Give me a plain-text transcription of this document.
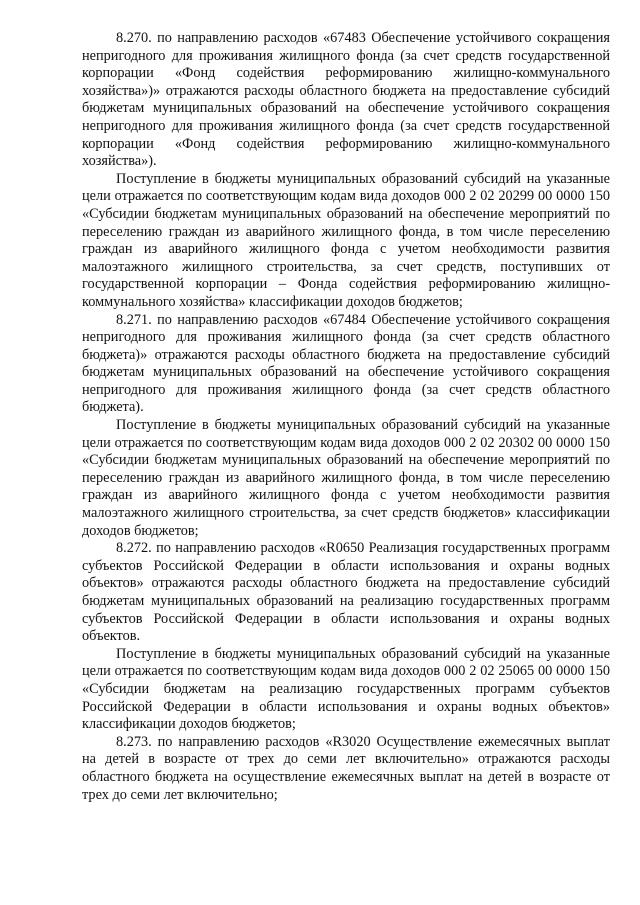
8.270. по направлению расходов «67483 Обеспечение устойчивого сокращения непригодного для проживания жилищного фонда (за счет средств государственной корпорации «Фонд содействия реформированию жилищно-коммунального хозяйства»)» отражаются расходы областного бюджета на предоставление субсидий бюджетам муниципальных образований на обеспечение устойчивого сокращения непригодного для проживания жилищного фонда (за счет средств государственной корпорации «Фонд содействия реформированию жилищно-коммунального хозяйства»).

Поступление в бюджеты муниципальных образований субсидий на указанные цели отражается по соответствующим кодам вида доходов 000 2 02 20299 00 0000 150 «Субсидии бюджетам муниципальных образований на обеспечение мероприятий по переселению граждан из аварийного жилищного фонда, в том числе переселению граждан из аварийного жилищного фонда с учетом необходимости развития малоэтажного жилищного строительства, за счет средств, поступивших от государственной корпорации – Фонда содействия реформированию жилищно-коммунального хозяйства» классификации доходов бюджетов;

8.271. по направлению расходов «67484 Обеспечение устойчивого сокращения непригодного для проживания жилищного фонда (за счет средств областного бюджета)» отражаются расходы областного бюджета на предоставление субсидий бюджетам муниципальных образований на обеспечение устойчивого сокращения непригодного для проживания жилищного фонда (за счет средств областного бюджета).

Поступление в бюджеты муниципальных образований субсидий на указанные цели отражается по соответствующим кодам вида доходов 000 2 02 20302 00 0000 150 «Субсидии бюджетам муниципальных образований на обеспечение мероприятий по переселению граждан из аварийного жилищного фонда, в том числе переселению граждан из аварийного жилищного фонда с учетом необходимости развития малоэтажного жилищного строительства, за счет средств бюджетов» классификации доходов бюджетов;

8.272. по направлению расходов «R0650 Реализация государственных программ субъектов Российской Федерации в области использования и охраны водных объектов» отражаются расходы областного бюджета на предоставление субсидий бюджетам муниципальных образований на реализацию государственных программ субъектов Российской Федерации в области использования и охраны водных объектов.

Поступление в бюджеты муниципальных образований субсидий на указанные цели отражается по соответствующим кодам вида доходов 000 2 02 25065 00 0000 150 «Субсидии бюджетам на реализацию государственных программ субъектов Российской Федерации в области использования и охраны водных объектов» классификации доходов бюджетов;

8.273. по направлению расходов «R3020 Осуществление ежемесячных выплат на детей в возрасте от трех до семи лет включительно» отражаются расходы областного бюджета на осуществление ежемесячных выплат на детей в возрасте от трех до семи лет включительно;
